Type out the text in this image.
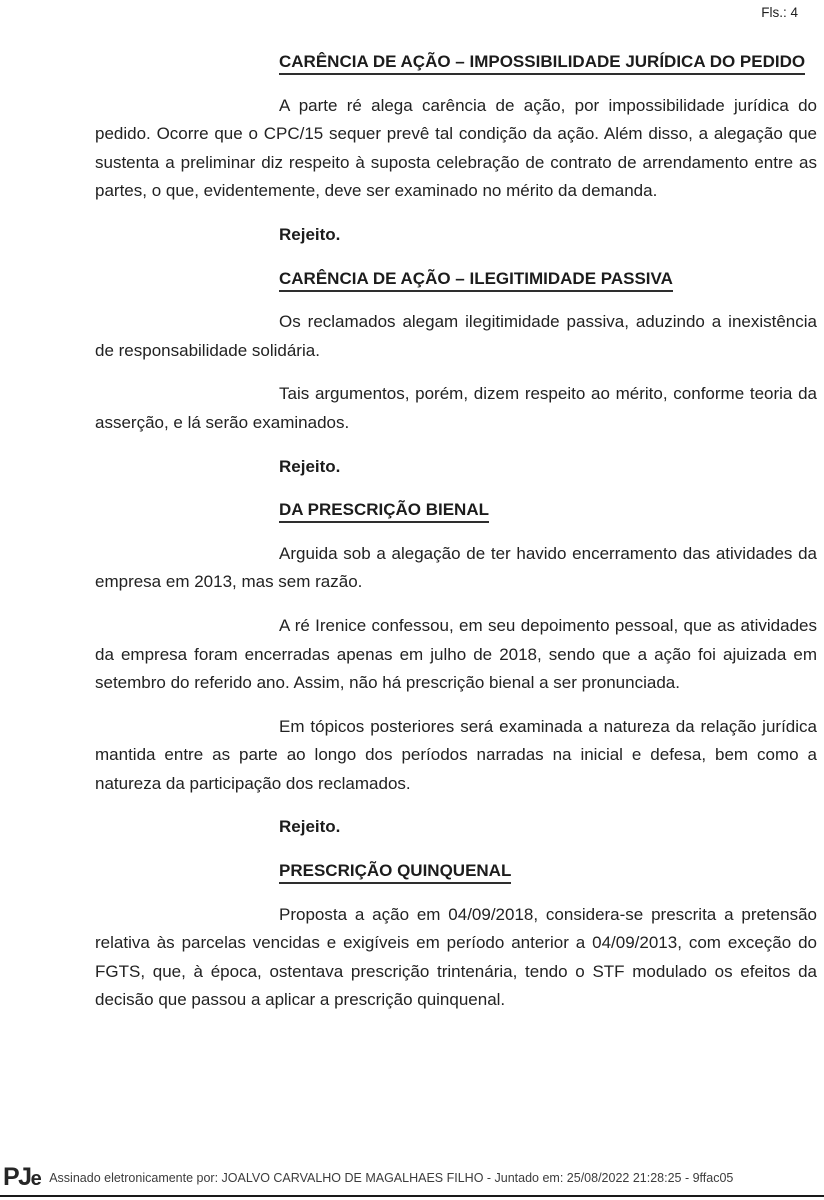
Fls.: 4

CARÊNCIA DE AÇÃO – IMPOSSIBILIDADE JURÍDICA DO PEDIDO

A parte ré alega carência de ação, por impossibilidade jurídica do pedido. Ocorre que o CPC/15 sequer prevê tal condição da ação. Além disso, a alegação que sustenta a preliminar diz respeito à suposta celebração de contrato de arrendamento entre as partes, o que, evidentemente, deve ser examinado no mérito da demanda.

Rejeito.

CARÊNCIA DE AÇÃO – ILEGITIMIDADE PASSIVA

Os reclamados alegam ilegitimidade passiva, aduzindo a inexistência de responsabilidade solidária.

Tais argumentos, porém, dizem respeito ao mérito, conforme teoria da asserção, e lá serão examinados.

Rejeito.

DA PRESCRIÇÃO BIENAL

Arguida sob a alegação de ter havido encerramento das atividades da empresa em 2013, mas sem razão.

A ré Irenice confessou, em seu depoimento pessoal, que as atividades da empresa foram encerradas apenas em julho de 2018, sendo que a ação foi ajuizada em setembro do referido ano. Assim, não há prescrição bienal a ser pronunciada.

Em tópicos posteriores será examinada a natureza da relação jurídica mantida entre as parte ao longo dos períodos narradas na inicial e defesa, bem como a natureza da participação dos reclamados.

Rejeito.

PRESCRIÇÃO QUINQUENAL

Proposta a ação em 04/09/2018, considera-se prescrita a pretensão relativa às parcelas vencidas e exigíveis em período anterior a 04/09/2013, com exceção do FGTS, que, à época, ostentava prescrição trintenária, tendo o STF modulado os efeitos da decisão que passou a aplicar a prescrição quinquenal.

PJe Assinado eletronicamente por: JOALVO CARVALHO DE MAGALHAES FILHO - Juntado em: 25/08/2022 21:28:25 - 9ffac05
